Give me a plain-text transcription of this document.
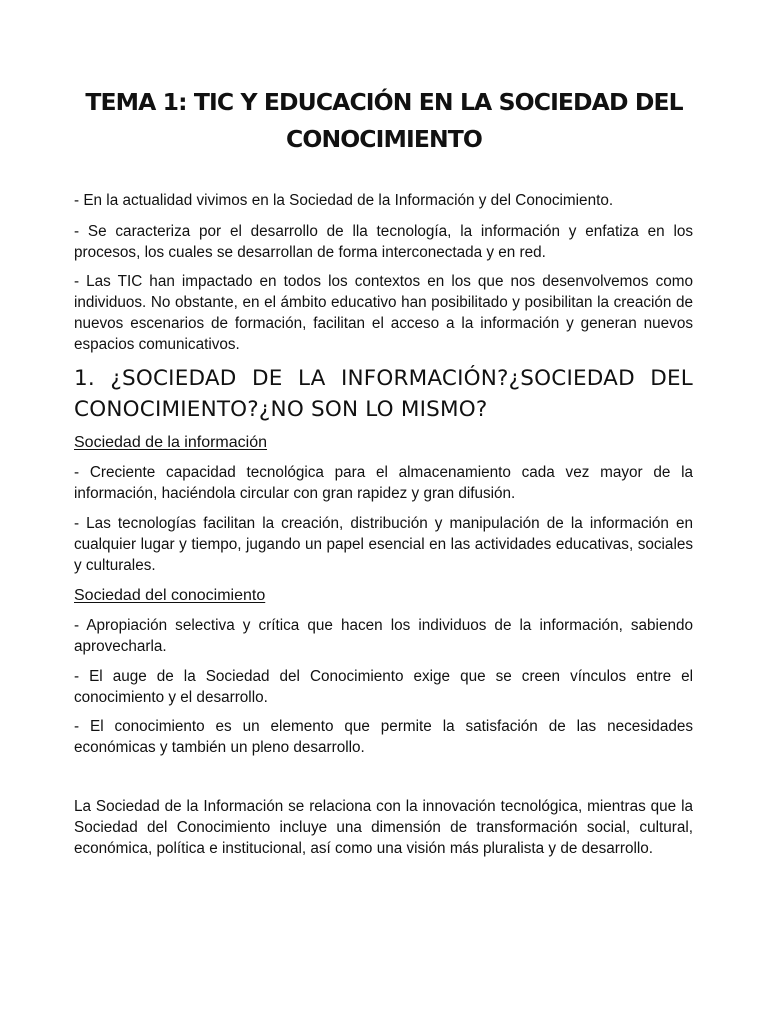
TEMA 1: TIC Y EDUCACIÓN EN LA SOCIEDAD DEL CONOCIMIENTO

- En la actualidad vivimos en la Sociedad de la Información y del Conocimiento.

- Se caracteriza por el desarrollo de lla tecnología, la información y enfatiza en los procesos, los cuales se desarrollan de forma interconectada y en red.

- Las TIC han impactado en todos los contextos en los que nos desenvolvemos como individuos. No obstante, en el ámbito educativo han posibilitado y posibilitan la creación de nuevos escenarios de formación, facilitan el acceso a la información y generan nuevos espacios comunicativos.

1. ¿SOCIEDAD DE LA INFORMACIÓN?¿SOCIEDAD DEL CONOCIMIENTO?¿NO SON LO MISMO?

Sociedad de la información

- Creciente capacidad tecnológica para el almacenamiento cada vez mayor de la información, haciéndola circular con gran rapidez y gran difusión.

- Las tecnologías facilitan la creación, distribución y manipulación de la información en cualquier lugar y tiempo, jugando un papel esencial en las actividades educativas, sociales y culturales.

Sociedad del conocimiento

- Apropiación selectiva y crítica que hacen los individuos de la información, sabiendo aprovecharla.

- El auge de la Sociedad del Conocimiento exige que se creen vínculos entre el conocimiento y el desarrollo.

- El conocimiento es un elemento que permite la satisfación de las necesidades económicas y también un pleno desarrollo.

La Sociedad de la Información se relaciona con la innovación tecnológica, mientras que la Sociedad del Conocimiento incluye una dimensión de transformación social, cultural, económica, política e institucional, así como una visión más pluralista y de desarrollo.
